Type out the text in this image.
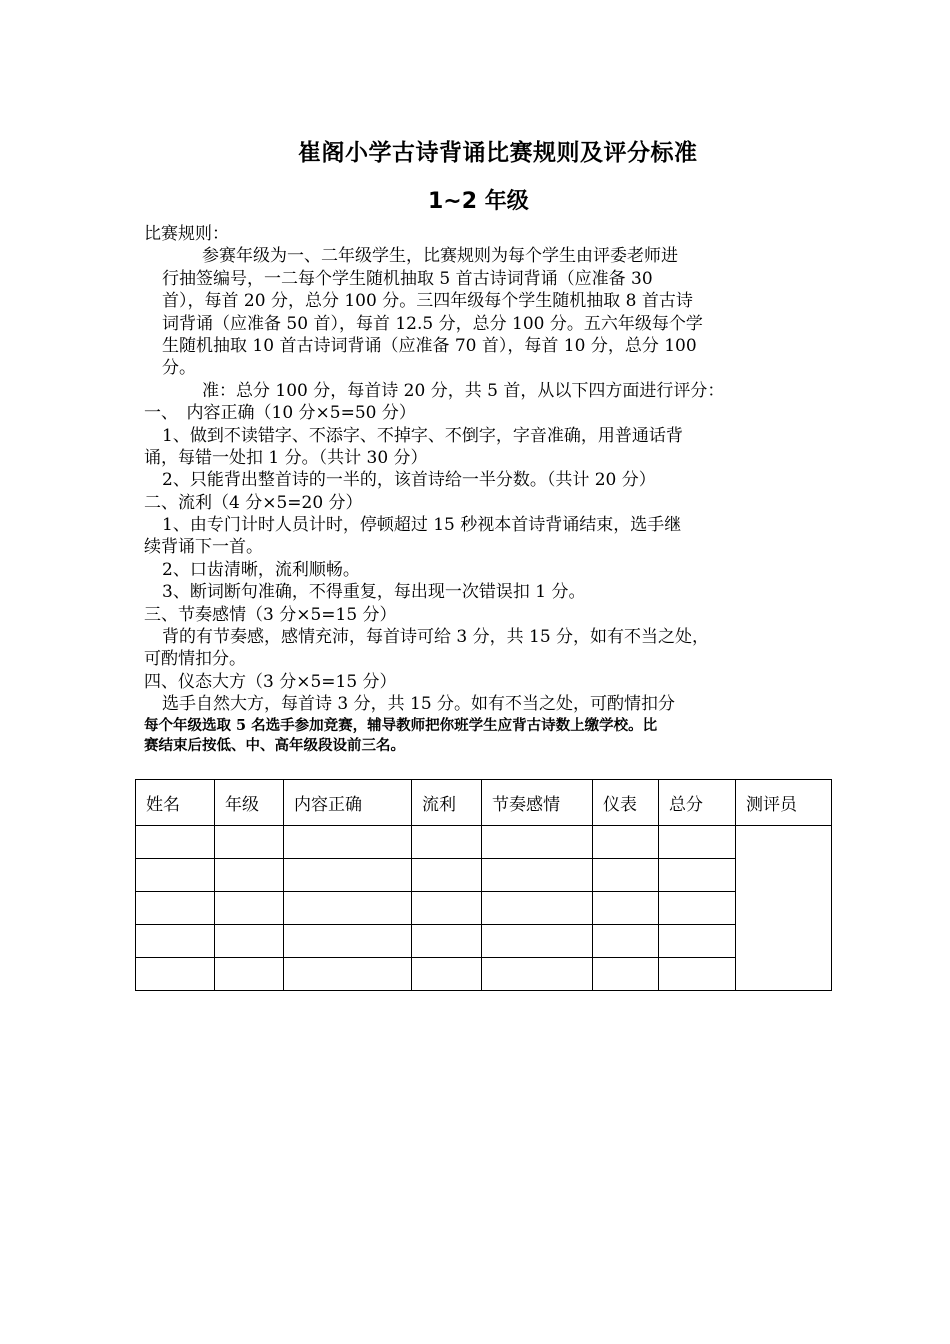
崔阁小学古诗背诵比赛规则及评分标准
1~2 年级
比赛规则：
参赛年级为一、二年级学生，比赛规则为每个学生由评委老师进
行抽签编号，一二每个学生随机抽取 5 首古诗词背诵（应准备 30
首），每首 20 分，总分 100 分。三四年级每个学生随机抽取 8 首古诗
词背诵（应准备 50 首），每首 12.5 分，总分 100 分。五六年级每个学
生随机抽取 10 首古诗词背诵（应准备 70 首），每首 10 分，总分 100
分。
准：总分 100 分，每首诗 20 分，共 5 首，从以下四方面进行评分：
一、　内容正确（10 分×5=50 分）
1、做到不读错字、不添字、不掉字、不倒字，字音准确，用普通话背
诵，每错一处扣 1 分。（共计 30 分）
2、只能背出整首诗的一半的，该首诗给一半分数。（共计 20 分）
二、流利（4 分×5=20 分）
1、由专门计时人员计时，停顿超过 15 秒视本首诗背诵结束，选手继
续背诵下一首。
2、口齿清晰，流利顺畅。
3、断词断句准确，不得重复，每出现一次错误扣 1 分。
三、节奏感情（3 分×5=15 分）
背的有节奏感，感情充沛，每首诗可给 3 分，共 15 分，如有不当之处，
可酌情扣分。
四、仪态大方（3 分×5=15 分）
选手自然大方，每首诗 3 分，共 15 分。如有不当之处，可酌情扣分
每个年级选取 5 名选手参加竞赛，辅导教师把你班学生应背古诗数上缴学校。比
赛结束后按低、中、高年级段设前三名。
姓名	年级	内容正确	流利	节奏感情	仪表	总分	测评员
